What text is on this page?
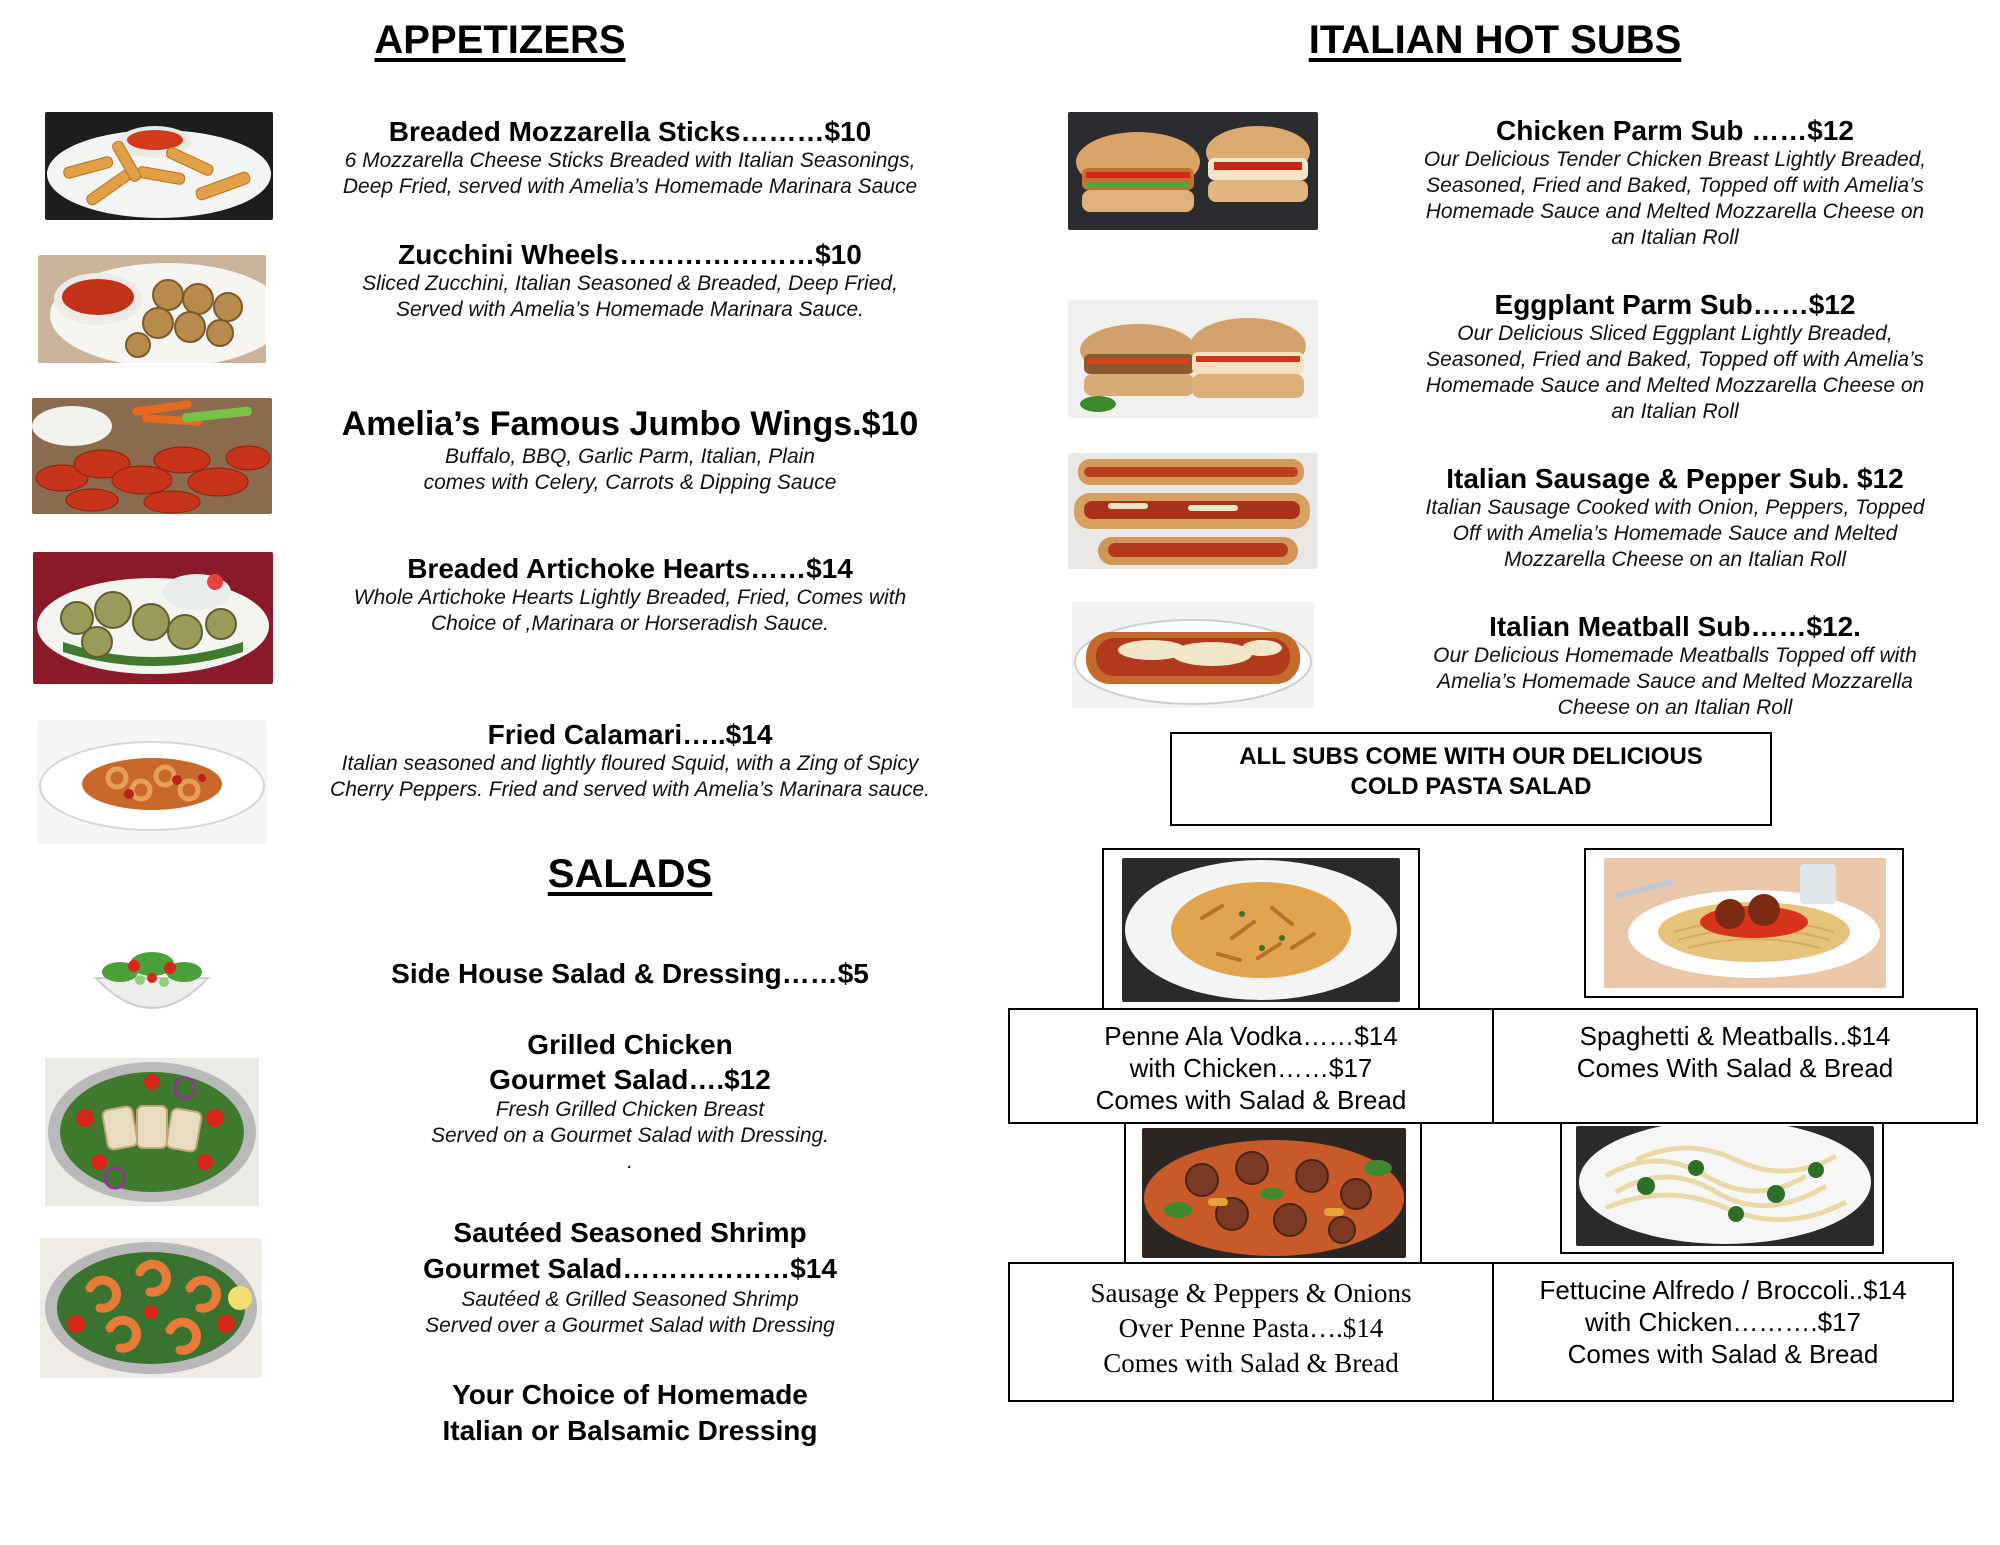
APPETIZERS
Breaded Mozzarella Sticks………$10
6 Mozzarella Cheese Sticks Breaded with Italian Seasonings,
Deep Fried, served with Amelia’s Homemade Marinara Sauce
Zucchini Wheels…………………$10
Sliced Zucchini, Italian Seasoned & Breaded, Deep Fried,
Served with Amelia’s Homemade Marinara Sauce.
Amelia’s Famous Jumbo Wings.$10
Buffalo, BBQ, Garlic Parm, Italian, Plain
comes with Celery, Carrots & Dipping Sauce
Breaded Artichoke Hearts……$14
Whole Artichoke Hearts Lightly Breaded, Fried, Comes with
Choice of ,Marinara or Horseradish Sauce.
Fried Calamari…..$14
Italian seasoned and lightly floured Squid, with a Zing of Spicy
Cherry Peppers. Fried and served with Amelia’s Marinara sauce.
SALADS
Side House Salad & Dressing……$5
Grilled Chicken
Gourmet Salad….$12
Fresh Grilled Chicken Breast
Served on a Gourmet Salad with Dressing.
.
Sautéed Seasoned Shrimp
Gourmet Salad………………$14
Sautéed & Grilled Seasoned Shrimp
Served over a Gourmet Salad with Dressing
Your Choice of Homemade
Italian or Balsamic Dressing
ITALIAN HOT SUBS
Chicken Parm Sub ……$12
Our Delicious Tender Chicken Breast Lightly Breaded,
Seasoned, Fried and Baked, Topped off with Amelia’s
Homemade Sauce and Melted Mozzarella Cheese on
an Italian Roll
Eggplant Parm Sub……$12
Our Delicious Sliced Eggplant Lightly Breaded,
Seasoned, Fried and Baked, Topped off with Amelia’s
Homemade Sauce and Melted Mozzarella Cheese on
an Italian Roll
Italian Sausage & Pepper Sub. $12
Italian Sausage Cooked with Onion, Peppers, Topped
Off with Amelia’s Homemade Sauce and Melted
Mozzarella Cheese on an Italian Roll
Italian Meatball Sub……$12.
Our Delicious Homemade Meatballs Topped off with
Amelia’s Homemade Sauce and Melted Mozzarella
Cheese on an Italian Roll
ALL SUBS COME WITH OUR DELICIOUS
COLD PASTA SALAD
Penne Ala Vodka……$14
with Chicken……$17
Comes with Salad & Bread
Spaghetti & Meatballs..$14
Comes With Salad & Bread
Sausage & Peppers & Onions
Over Penne Pasta….$14
Comes with Salad & Bread
Fettucine Alfredo / Broccoli..$14
with Chicken……….$17
Comes with Salad & Bread
